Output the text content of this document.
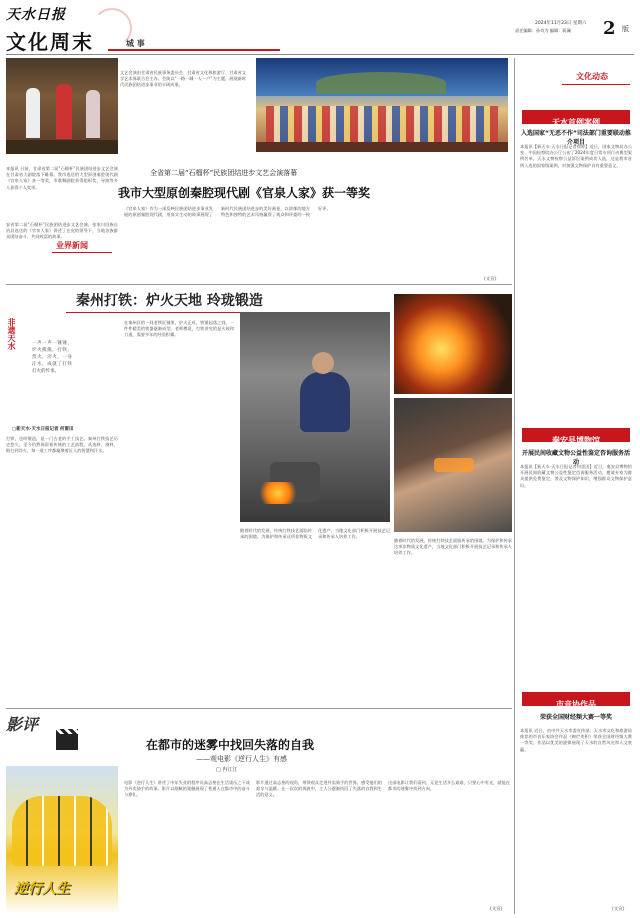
天水日报
文化周末	城 事
2024年11月23日 星期六
责任编辑：孙奇为 编辑：蒋澜 2 版
文艺会演由甘肃省民族事务委员会、甘肃省文化和旅游厅、甘肃省文学艺术界联合会主办。会演以“一路一城一人一户”为主题，展现新时代民族团结进步事业的丰硕成果。
文化动态
本报讯 日前，甘肃省第二届“石榴杯”民族团结进步文艺会演在甘肃省大剧院落下帷幕。我市选送的大型原创秦腔现代剧《官泉人家》获一等奖，市歌舞剧院获得组织奖，导演等多人获得个人奖项。
安省第二届“石榴杯”民族团结进步文艺会演，张家川回族自治县选送的《官泉人家》讲述了在党的领导下，当地各族群众团结奋斗、共同致富的故事。
全省第二届“石榴杯”民族团结进步文艺会演落幕
我市大型原创秦腔现代剧《官泉人家》获一等奖
《官泉人家》作为一部反映民族团结进步事业发展的原创秦腔现代剧，用真实生动的故事展现了新时代民族团结进步的美好画卷，以浓郁的地方特色和独特的艺术风格赢得了观众和评委的一致好评。
(文宣)
业界新闻
秦州打铁：炉火天地 玲珑锻造
非遗天水	一声一声一锤锤，炉火熊熊，打铁，烈火，淬火，一身汗水，成就了打铁灯火的传承。
□新天水·天水日报记者 何雷田
打铁，也叫锻造，是一门古老的手工技艺。秦州打铁技艺历史悠久，至今仍然保留着传统的工艺流程，从选料、烧料、锻打到淬火，每一道工序都凝聚着匠人的智慧和汗水。
在秦州区的一间老铁匠铺里，炉火正旺，铁锤起落之间，一件件精美的铁器逐渐成型。老师傅说，打铁讲究的是火候和力道，需要多年的经验积累。
随着时代的发展，传统打铁技艺面临传承的困境。为保护和传承这项非物质文化遗产，当地文化部门积极开展技艺记录和传承人培养工作。
随着时代的发展，传统打铁技艺面临传承的困境。为保护和传承这项非物质文化遗产，当地文化部门积极开展技艺记录和传承人培养工作。
天水首例案例
入选国家“无恶不作”司法部门重要联动推介项目
本报讯【新天水·天水日报记者徐婷】近日，国家文物局办公室、中国检察院办公厅公布了2024年度日常专项行动典型案例名单。天水文物检察公益诉讼案例成功入选，这是我市首例入选的国家级案例，对加强文物保护具有重要意义。
秦安县博物馆
开展民间收藏文物公益性鉴定咨询服务活动
本报讯【新天水·天水日报记者何雷田】近日，秦安县博物馆开展民间收藏文物公益性鉴定咨询服务活动，邀请专家为群众提供免费鉴定，普及文物保护知识，增强群众文物保护意识。
市音协作品
荣获全国财经频大赛一等奖
本报讯 近日，由中共天水市委宣传部、天水市文化和旅游局推荐的市音乐家协会作品《绚烂麦积》荣获全国财经频大赛一等奖。作品以优美的旋律展现了天水的自然风光和人文底蕴。
(文宣)
影评
在都市的迷雾中找回失落的自我
——观电影《逆行人生》有感
□ 冉江江
逆行人生
电影《逆行人生》讲述了中年失业的程序员高志垒在生活重压之下成为外卖骑手的故事。影片以细腻的笔触展现了普通人在都市中的奋斗与挣扎。
影片通过高志垒的视角，带领观众走进外卖骑手的世界，感受他们的艰辛与温暖。在一次次的奔波中，主人公逐渐找回了失落的自我和生活的意义。
这部电影让我们看到，无论生活多么艰难，只要心中有光，就能在都市的迷雾中找到方向。
(文宣)
